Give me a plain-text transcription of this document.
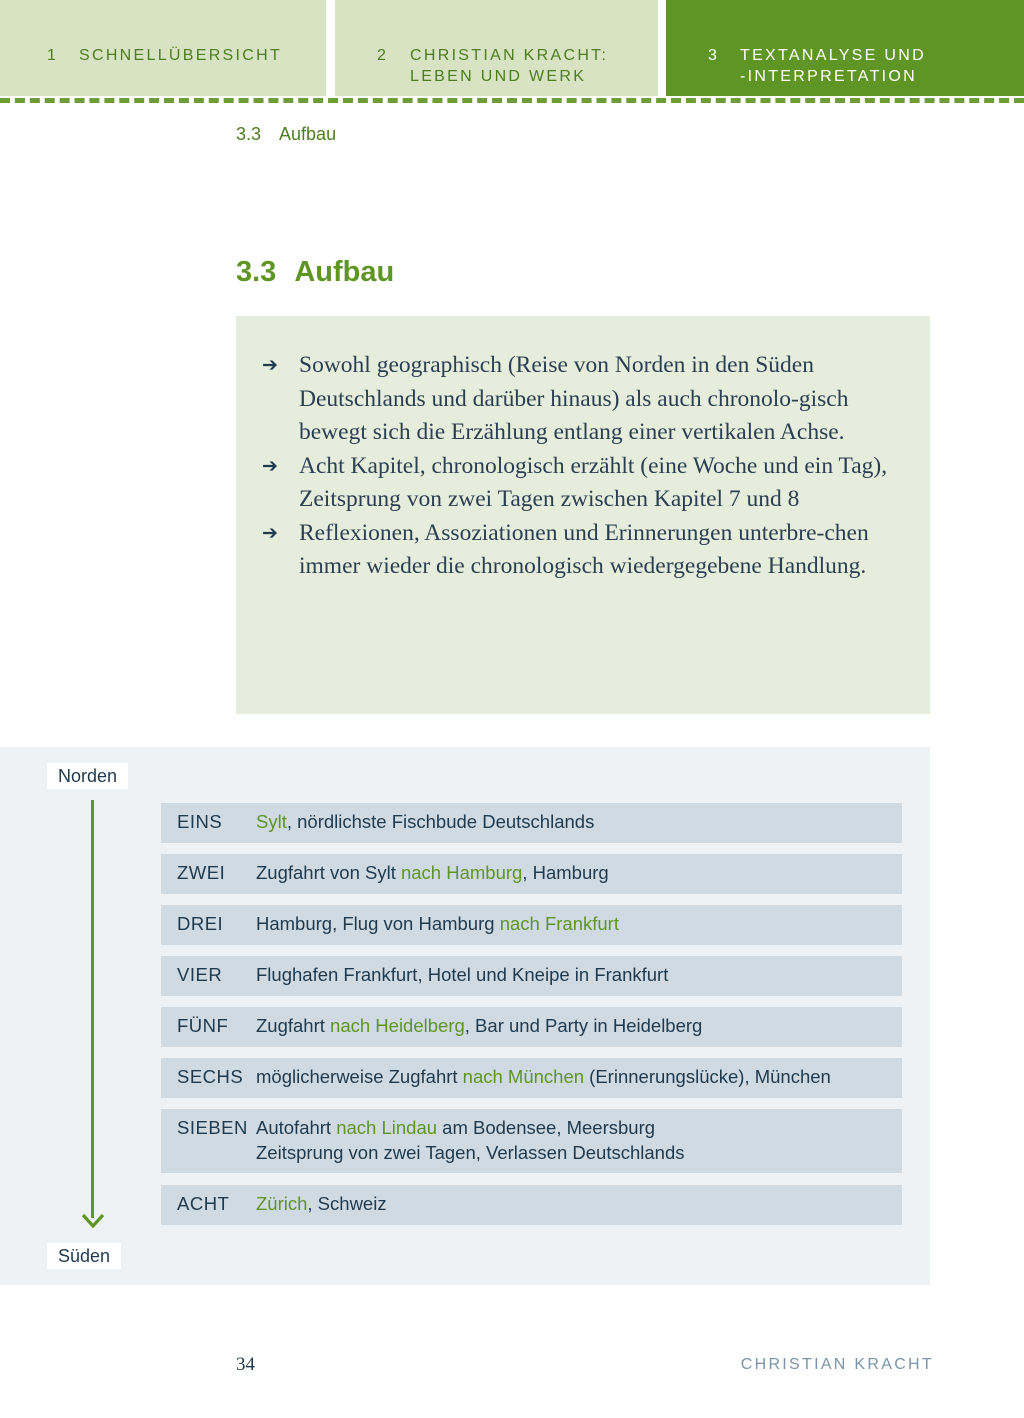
1 SCHNELLÜBERSICHT	2 CHRISTIAN KRACHT:
LEBEN UND WERK
3 TEXTANALYSE UND
-INTERPRETATION
3.3 Aufbau
3.3 Aufbau
➔ Sowohl geographisch (Reise von Norden in den Süden Deutschlands und darüber hinaus) als auch chronolo-gisch bewegt sich die Erzählung entlang einer vertikalen Achse.
➔ Acht Kapitel, chronologisch erzählt (eine Woche und ein Tag), Zeitsprung von zwei Tagen zwischen Kapitel 7 und 8
➔ Reflexionen, Assoziationen und Erinnerungen unterbre-chen immer wieder die chronologisch wiedergegebene Handlung.
Norden
Süden
EINS Sylt, nördlichste Fischbude Deutschlands
ZWEI Zugfahrt von Sylt nach Hamburg, Hamburg
DREI Hamburg, Flug von Hamburg nach Frankfurt
VIER Flughafen Frankfurt, Hotel und Kneipe in Frankfurt
FÜNF Zugfahrt nach Heidelberg, Bar und Party in Heidelberg
SECHS möglicherweise Zugfahrt nach München (Erinnerungslücke), München
SIEBEN Autofahrt nach Lindau am Bodensee, Meersburg
Zeitsprung von zwei Tagen, Verlassen Deutschlands
ACHT Zürich, Schweiz
34	CHRISTIAN KRACHT
